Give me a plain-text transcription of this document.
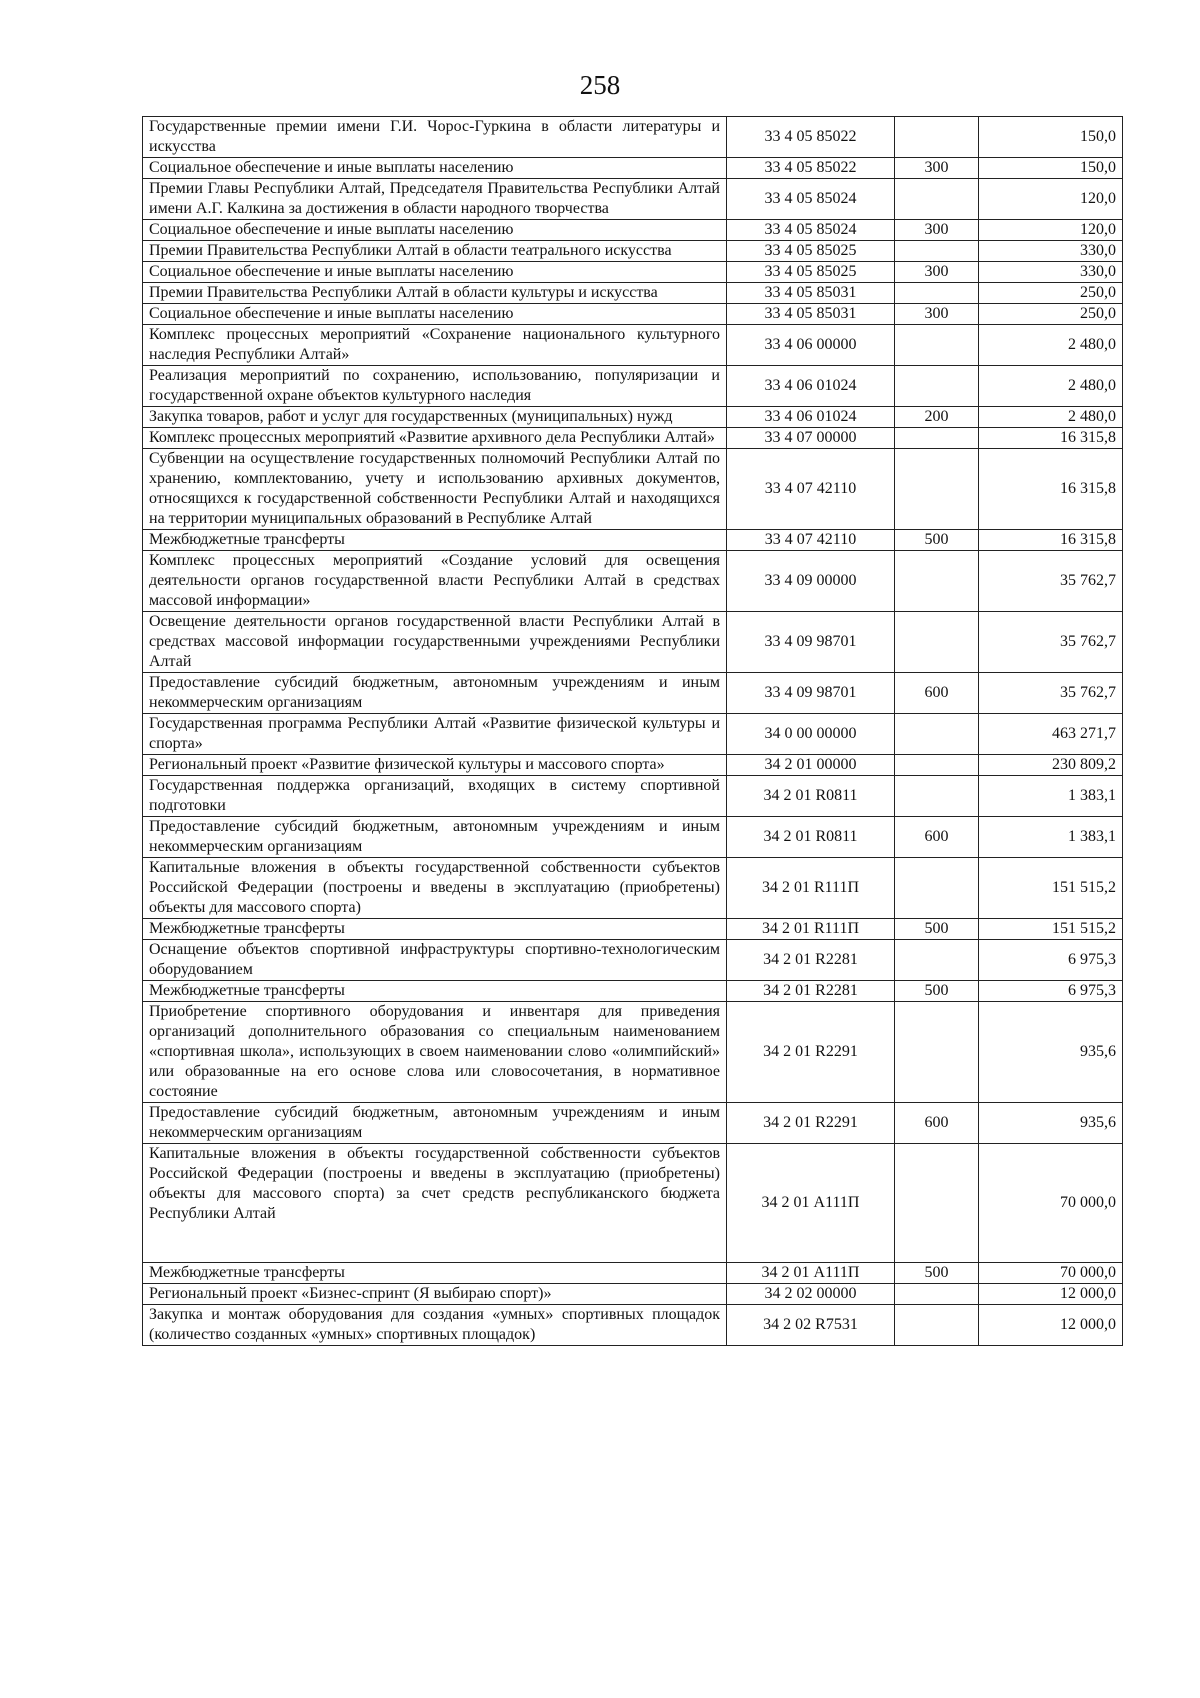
258
Государственные премии имени Г.И. Чорос-Гуркина в области литературы и искусства	33 4 05 85022		150,0
Социальное обеспечение и иные выплаты населению	33 4 05 85022	300	150,0
Премии Главы Республики Алтай, Председателя Правительства Республики Алтай имени А.Г. Калкина за достижения в области народного творчества	33 4 05 85024		120,0
Социальное обеспечение и иные выплаты населению	33 4 05 85024	300	120,0
Премии Правительства Республики Алтай в области театрального искусства	33 4 05 85025		330,0
Социальное обеспечение и иные выплаты населению	33 4 05 85025	300	330,0
Премии Правительства Республики Алтай в области культуры и искусства	33 4 05 85031		250,0
Социальное обеспечение и иные выплаты населению	33 4 05 85031	300	250,0
Комплекс процессных мероприятий «Сохранение национального культурного наследия Республики Алтай»	33 4 06 00000		2 480,0
Реализация мероприятий по сохранению, использованию, популяризации и государственной охране объектов культурного наследия	33 4 06 01024		2 480,0
Закупка товаров, работ и услуг для государственных (муниципальных) нужд	33 4 06 01024	200	2 480,0
Комплекс процессных мероприятий «Развитие архивного дела Республики Алтай»	33 4 07 00000		16 315,8
Субвенции на осуществление государственных полномочий Республики Алтай по хранению, комплектованию, учету и использованию архивных документов, относящихся к государственной собственности Республики Алтай и находящихся на территории муниципальных образований в Республике Алтай	33 4 07 42110		16 315,8
Межбюджетные трансферты	33 4 07 42110	500	16 315,8
Комплекс процессных мероприятий «Создание условий для освещения деятельности органов государственной власти Республики Алтай в средствах массовой информации»	33 4 09 00000		35 762,7
Освещение деятельности органов государственной власти Республики Алтай в средствах массовой информации государственными учреждениями Республики Алтай	33 4 09 98701		35 762,7
Предоставление субсидий бюджетным, автономным учреждениям и иным некоммерческим организациям	33 4 09 98701	600	35 762,7
Государственная программа Республики Алтай «Развитие физической культуры и спорта»	34 0 00 00000		463 271,7
Региональный проект «Развитие физической культуры и массового спорта»	34 2 01 00000		230 809,2
Государственная поддержка организаций, входящих в систему спортивной подготовки	34 2 01 R0811		1 383,1
Предоставление субсидий бюджетным, автономным учреждениям и иным некоммерческим организациям	34 2 01 R0811	600	1 383,1
Капитальные вложения в объекты государственной собственности субъектов Российской Федерации (построены и введены в эксплуатацию (приобретены) объекты для массового спорта)	34 2 01 R111П		151 515,2
Межбюджетные трансферты	34 2 01 R111П	500	151 515,2
Оснащение объектов спортивной инфраструктуры спортивно-технологическим оборудованием	34 2 01 R2281		6 975,3
Межбюджетные трансферты	34 2 01 R2281	500	6 975,3
Приобретение спортивного оборудования и инвентаря для приведения организаций дополнительного образования со специальным наименованием «спортивная школа», использующих в своем наименовании слово «олимпийский» или образованные на его основе слова или словосочетания, в нормативное состояние	34 2 01 R2291		935,6
Предоставление субсидий бюджетным, автономным учреждениям и иным некоммерческим организациям	34 2 01 R2291	600	935,6
Капитальные вложения в объекты государственной собственности субъектов Российской Федерации (построены и введены в эксплуатацию (приобретены) объекты для массового спорта) за счет средств республиканского бюджета Республики Алтай	34 2 01 А111П		70 000,0
Межбюджетные трансферты	34 2 01 А111П	500	70 000,0
Региональный проект «Бизнес-спринт (Я выбираю спорт)»	34 2 02 00000		12 000,0
Закупка и монтаж оборудования для создания «умных» спортивных площадок (количество созданных «умных» спортивных площадок)	34 2 02 R7531		12 000,0
